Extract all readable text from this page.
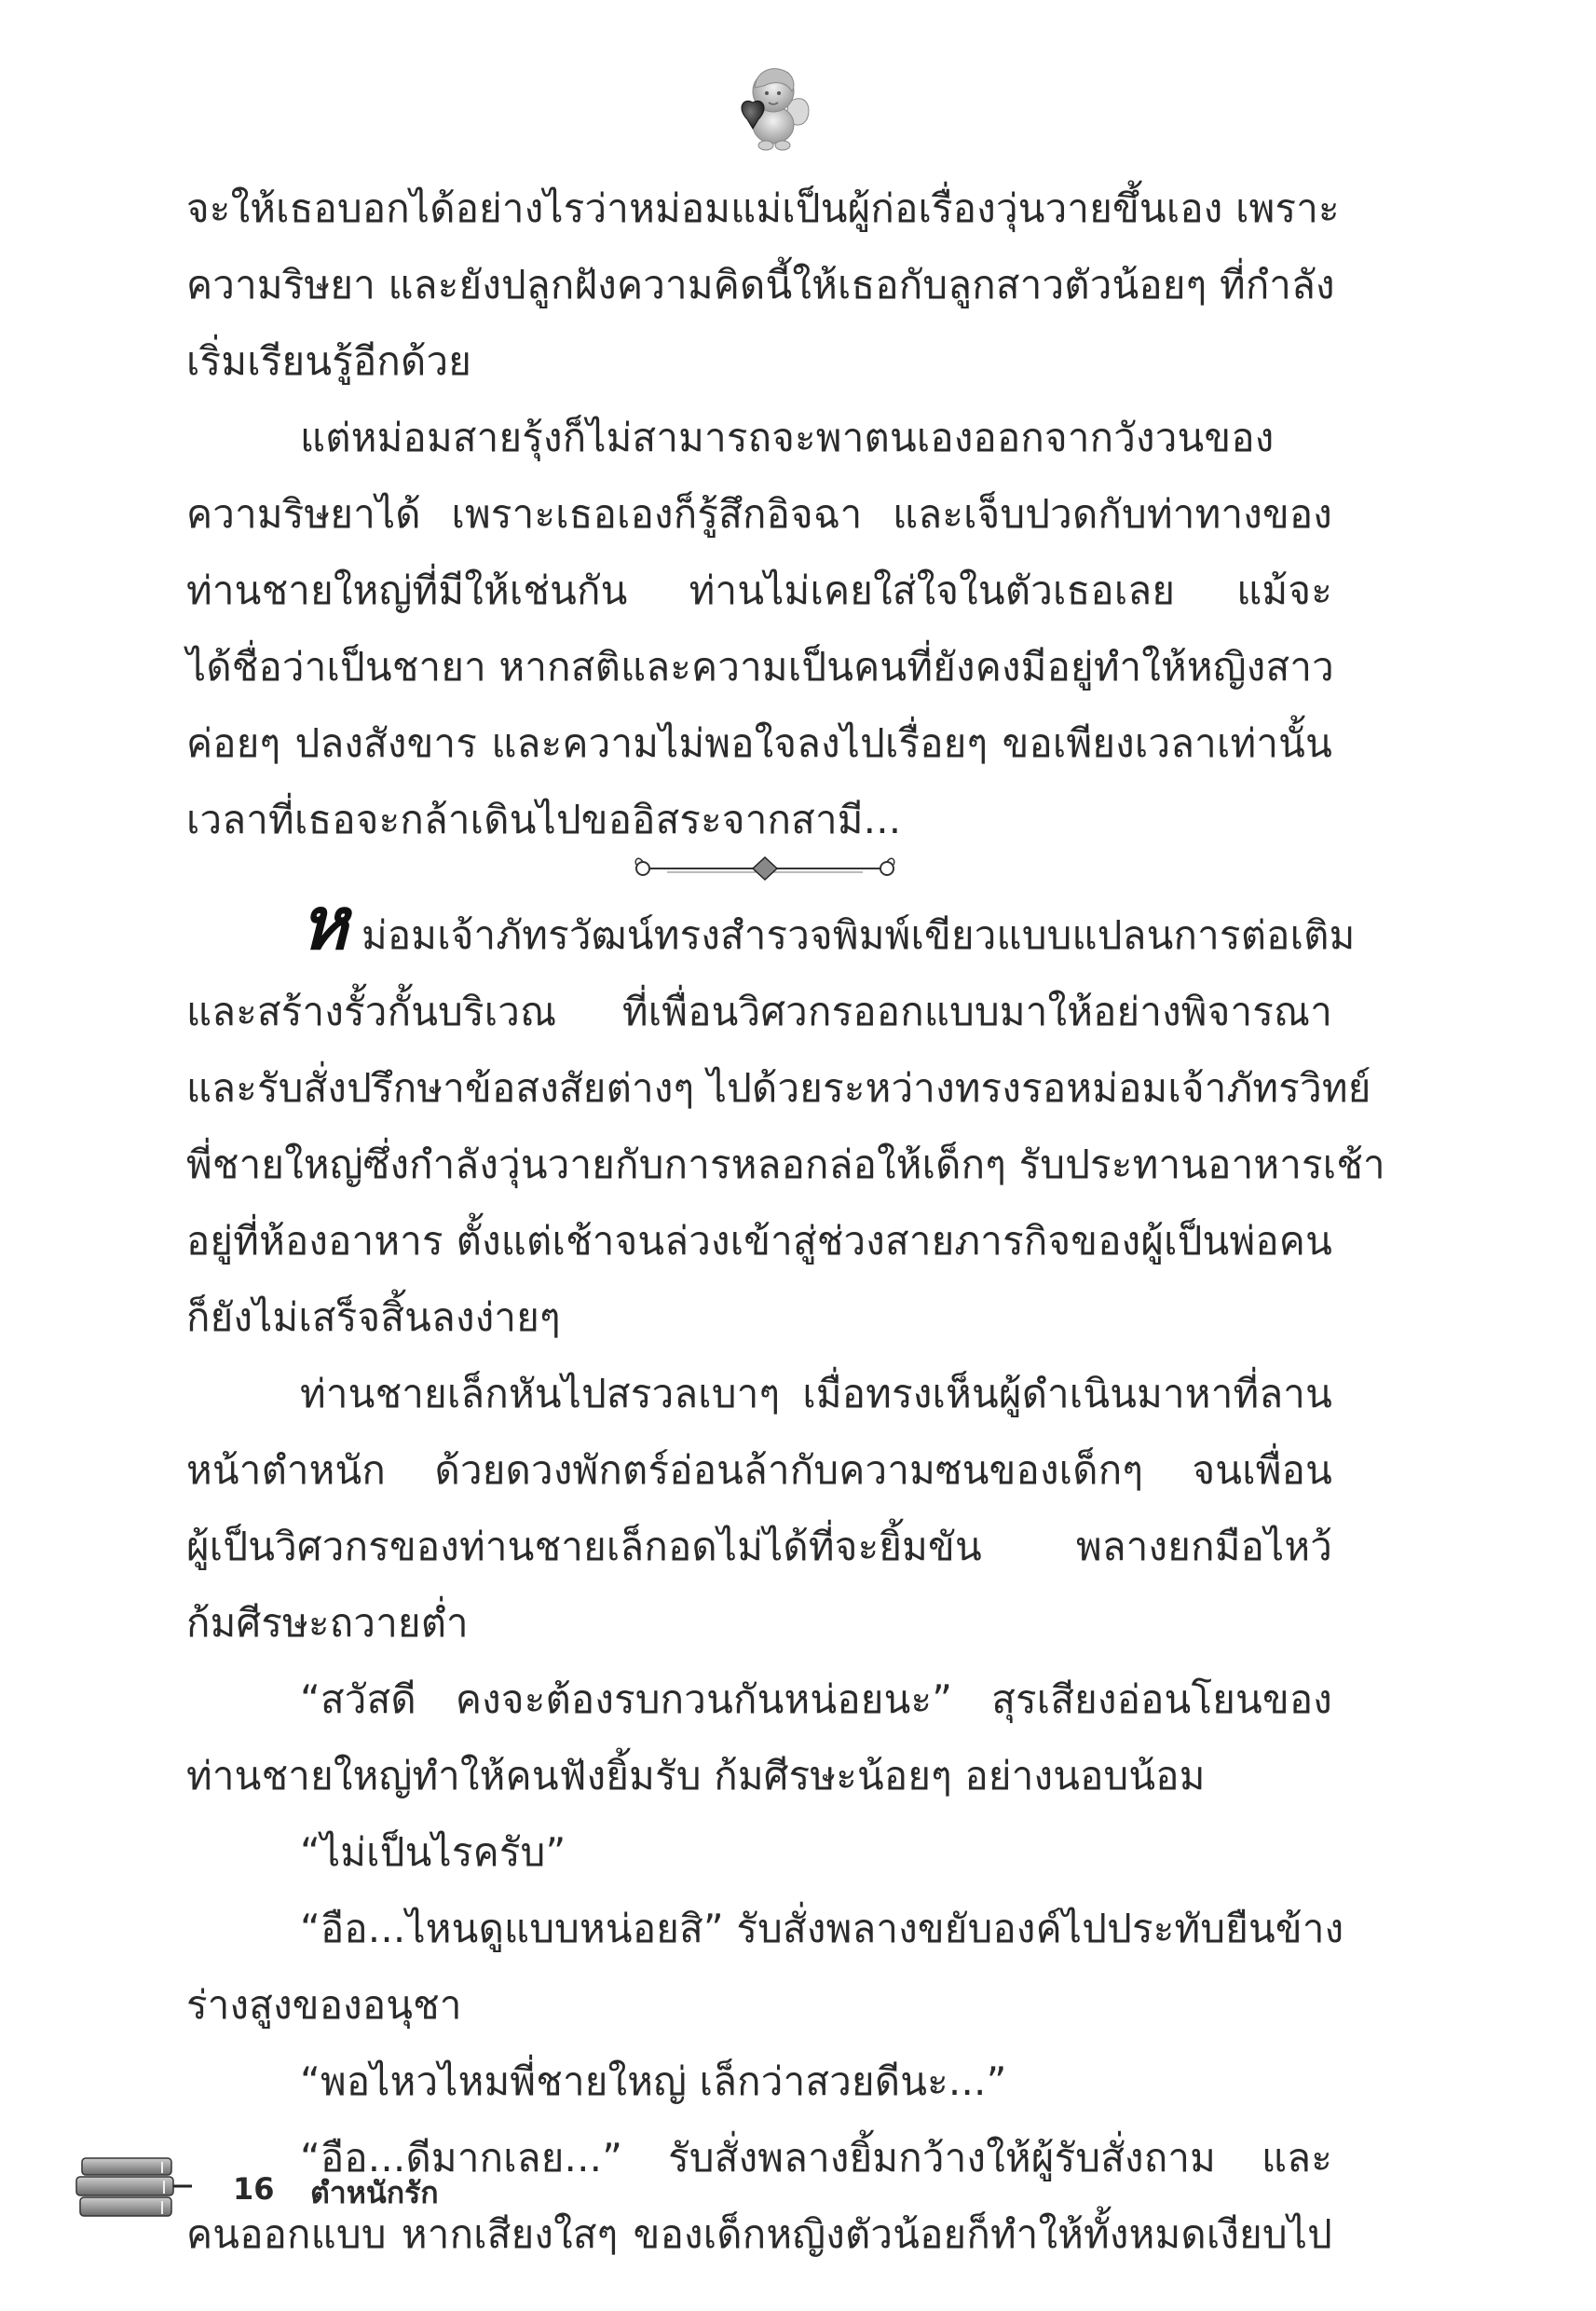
จะให้เธอบอกได้อย่างไรว่าหม่อมแม่เป็นผู้ก่อเรื่องวุ่นวายขึ้นเอง เพราะ
ความริษยา และยังปลูกฝังความคิดนี้ให้เธอกับลูกสาวตัวน้อยๆ ที่กำลัง
เริ่มเรียนรู้อีกด้วย
แต่หม่อมสายรุ้งก็ไม่สามารถจะพาตนเองออกจากวังวนของ
ความริษยาได้ เพราะเธอเองก็รู้สึกอิจฉา และเจ็บปวดกับท่าทางของ
ท่านชายใหญ่ที่มีให้เช่นกัน ท่านไม่เคยใส่ใจในตัวเธอเลย แม้จะ
ได้ชื่อว่าเป็นชายา หากสติและความเป็นคนที่ยังคงมีอยู่ทำให้หญิงสาว
ค่อยๆ ปลงสังขาร และความไม่พอใจลงไปเรื่อยๆ ขอเพียงเวลาเท่านั้น
เวลาที่เธอจะกล้าเดินไปขออิสระจากสามี...
ห ม่อมเจ้าภัทรวัฒน์ทรงสำรวจพิมพ์เขียวแบบแปลนการต่อเติม
และสร้างรั้วกั้นบริเวณ ที่เพื่อนวิศวกรออกแบบมาให้อย่างพิจารณา
และรับสั่งปรึกษาข้อสงสัยต่างๆ ไปด้วยระหว่างทรงรอหม่อมเจ้าภัทรวิทย์
พี่ชายใหญ่ซึ่งกำลังวุ่นวายกับการหลอกล่อให้เด็กๆ รับประทานอาหารเช้า
อยู่ที่ห้องอาหาร ตั้งแต่เช้าจนล่วงเข้าสู่ช่วงสายภารกิจของผู้เป็นพ่อคน
ก็ยังไม่เสร็จสิ้นลงง่ายๆ
ท่านชายเล็กหันไปสรวลเบาๆ เมื่อทรงเห็นผู้ดำเนินมาหาที่ลาน
หน้าตำหนัก ด้วยดวงพักตร์อ่อนล้ากับความซนของเด็กๆ จนเพื่อน
ผู้เป็นวิศวกรของท่านชายเล็กอดไม่ได้ที่จะยิ้มขัน พลางยกมือไหว้
ก้มศีรษะถวายต่ำ
“สวัสดี คงจะต้องรบกวนกันหน่อยนะ” สุรเสียงอ่อนโยนของ
ท่านชายใหญ่ทำให้คนฟังยิ้มรับ ก้มศีรษะน้อยๆ อย่างนอบน้อม
“ไม่เป็นไรครับ”
“อือ...ไหนดูแบบหน่อยสิ” รับสั่งพลางขยับองค์ไปประทับยืนข้าง
ร่างสูงของอนุชา
“พอไหวไหมพี่ชายใหญ่ เล็กว่าสวยดีนะ...”
“อือ...ดีมากเลย...” รับสั่งพลางยิ้มกว้างให้ผู้รับสั่งถาม และ
คนออกแบบ หากเสียงใสๆ ของเด็กหญิงตัวน้อยก็ทำให้ทั้งหมดเงียบไป
16 ตำหนักรัก
